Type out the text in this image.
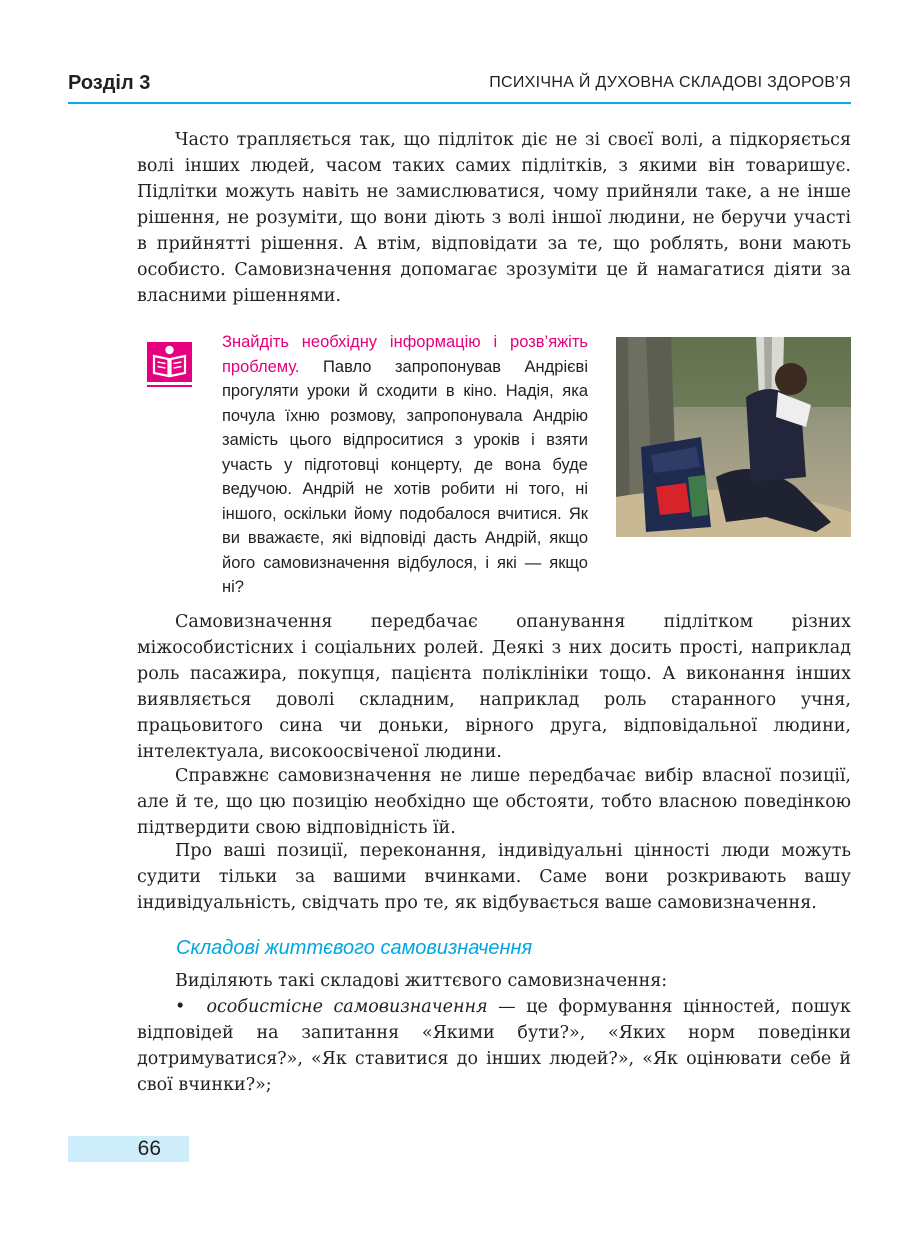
Розділ 3	ПСИХІЧНА Й ДУХОВНА СКЛАДОВІ ЗДОРОВ’Я

Часто трапляється так, що підліток діє не зі своєї волі, а підкоряється волі інших людей, часом таких самих підлітків, з якими він товаришує. Підлітки можуть навіть не замислюватися, чому прийняли таке, а не інше рішення, не розуміти, що вони діють з волі іншої людини, не беручи участі в прийнятті рішення. А втім, відповідати за те, що роблять, вони мають особисто. Самовизначення допомагає зрозуміти це й намагатися діяти за власними рішеннями.

Знайдіть необхідну інформацію і розв’яжіть проблему. Павло запропонував Андрієві прогуляти уроки й сходити в кіно. Надія, яка почула їхню розмову, запропонувала Андрію замість цього відпроситися з уроків і взяти участь у підготовці концерту, де вона буде ведучою. Андрій не хотів робити ні того, ні іншого, оскільки йому подобалося вчитися. Як ви вважаєте, які відповіді дасть Андрій, якщо його самовизначення відбулося, і які — якщо ні?

Самовизначення передбачає опанування підлітком різних міжособистісних і соціальних ролей. Деякі з них досить прості, наприклад роль пасажира, покупця, пацієнта поліклініки тощо. А виконання інших виявляється доволі складним, наприклад роль старанного учня, працьовитого сина чи доньки, вірного друга, відповідальної людини, інтелектуала, високоосвіченої людини.

Справжнє самовизначення не лише передбачає вибір власної позиції, але й те, що цю позицію необхідно ще обстояти, тобто власною поведінкою підтвердити свою відповідність їй.

Про ваші позиції, переконання, індивідуальні цінності люди можуть судити тільки за вашими вчинками. Саме вони розкривають вашу індивідуальність, свідчать про те, як відбувається ваше самовизначення.

Складові життєвого самовизначення

Виділяють такі складові життєвого самовизначення:

• особистісне самовизначення — це формування цінностей, пошук відповідей на запитання «Якими бути?», «Яких норм поведінки дотримуватися?», «Як ставитися до інших людей?», «Як оцінювати себе й свої вчинки?»;

66
